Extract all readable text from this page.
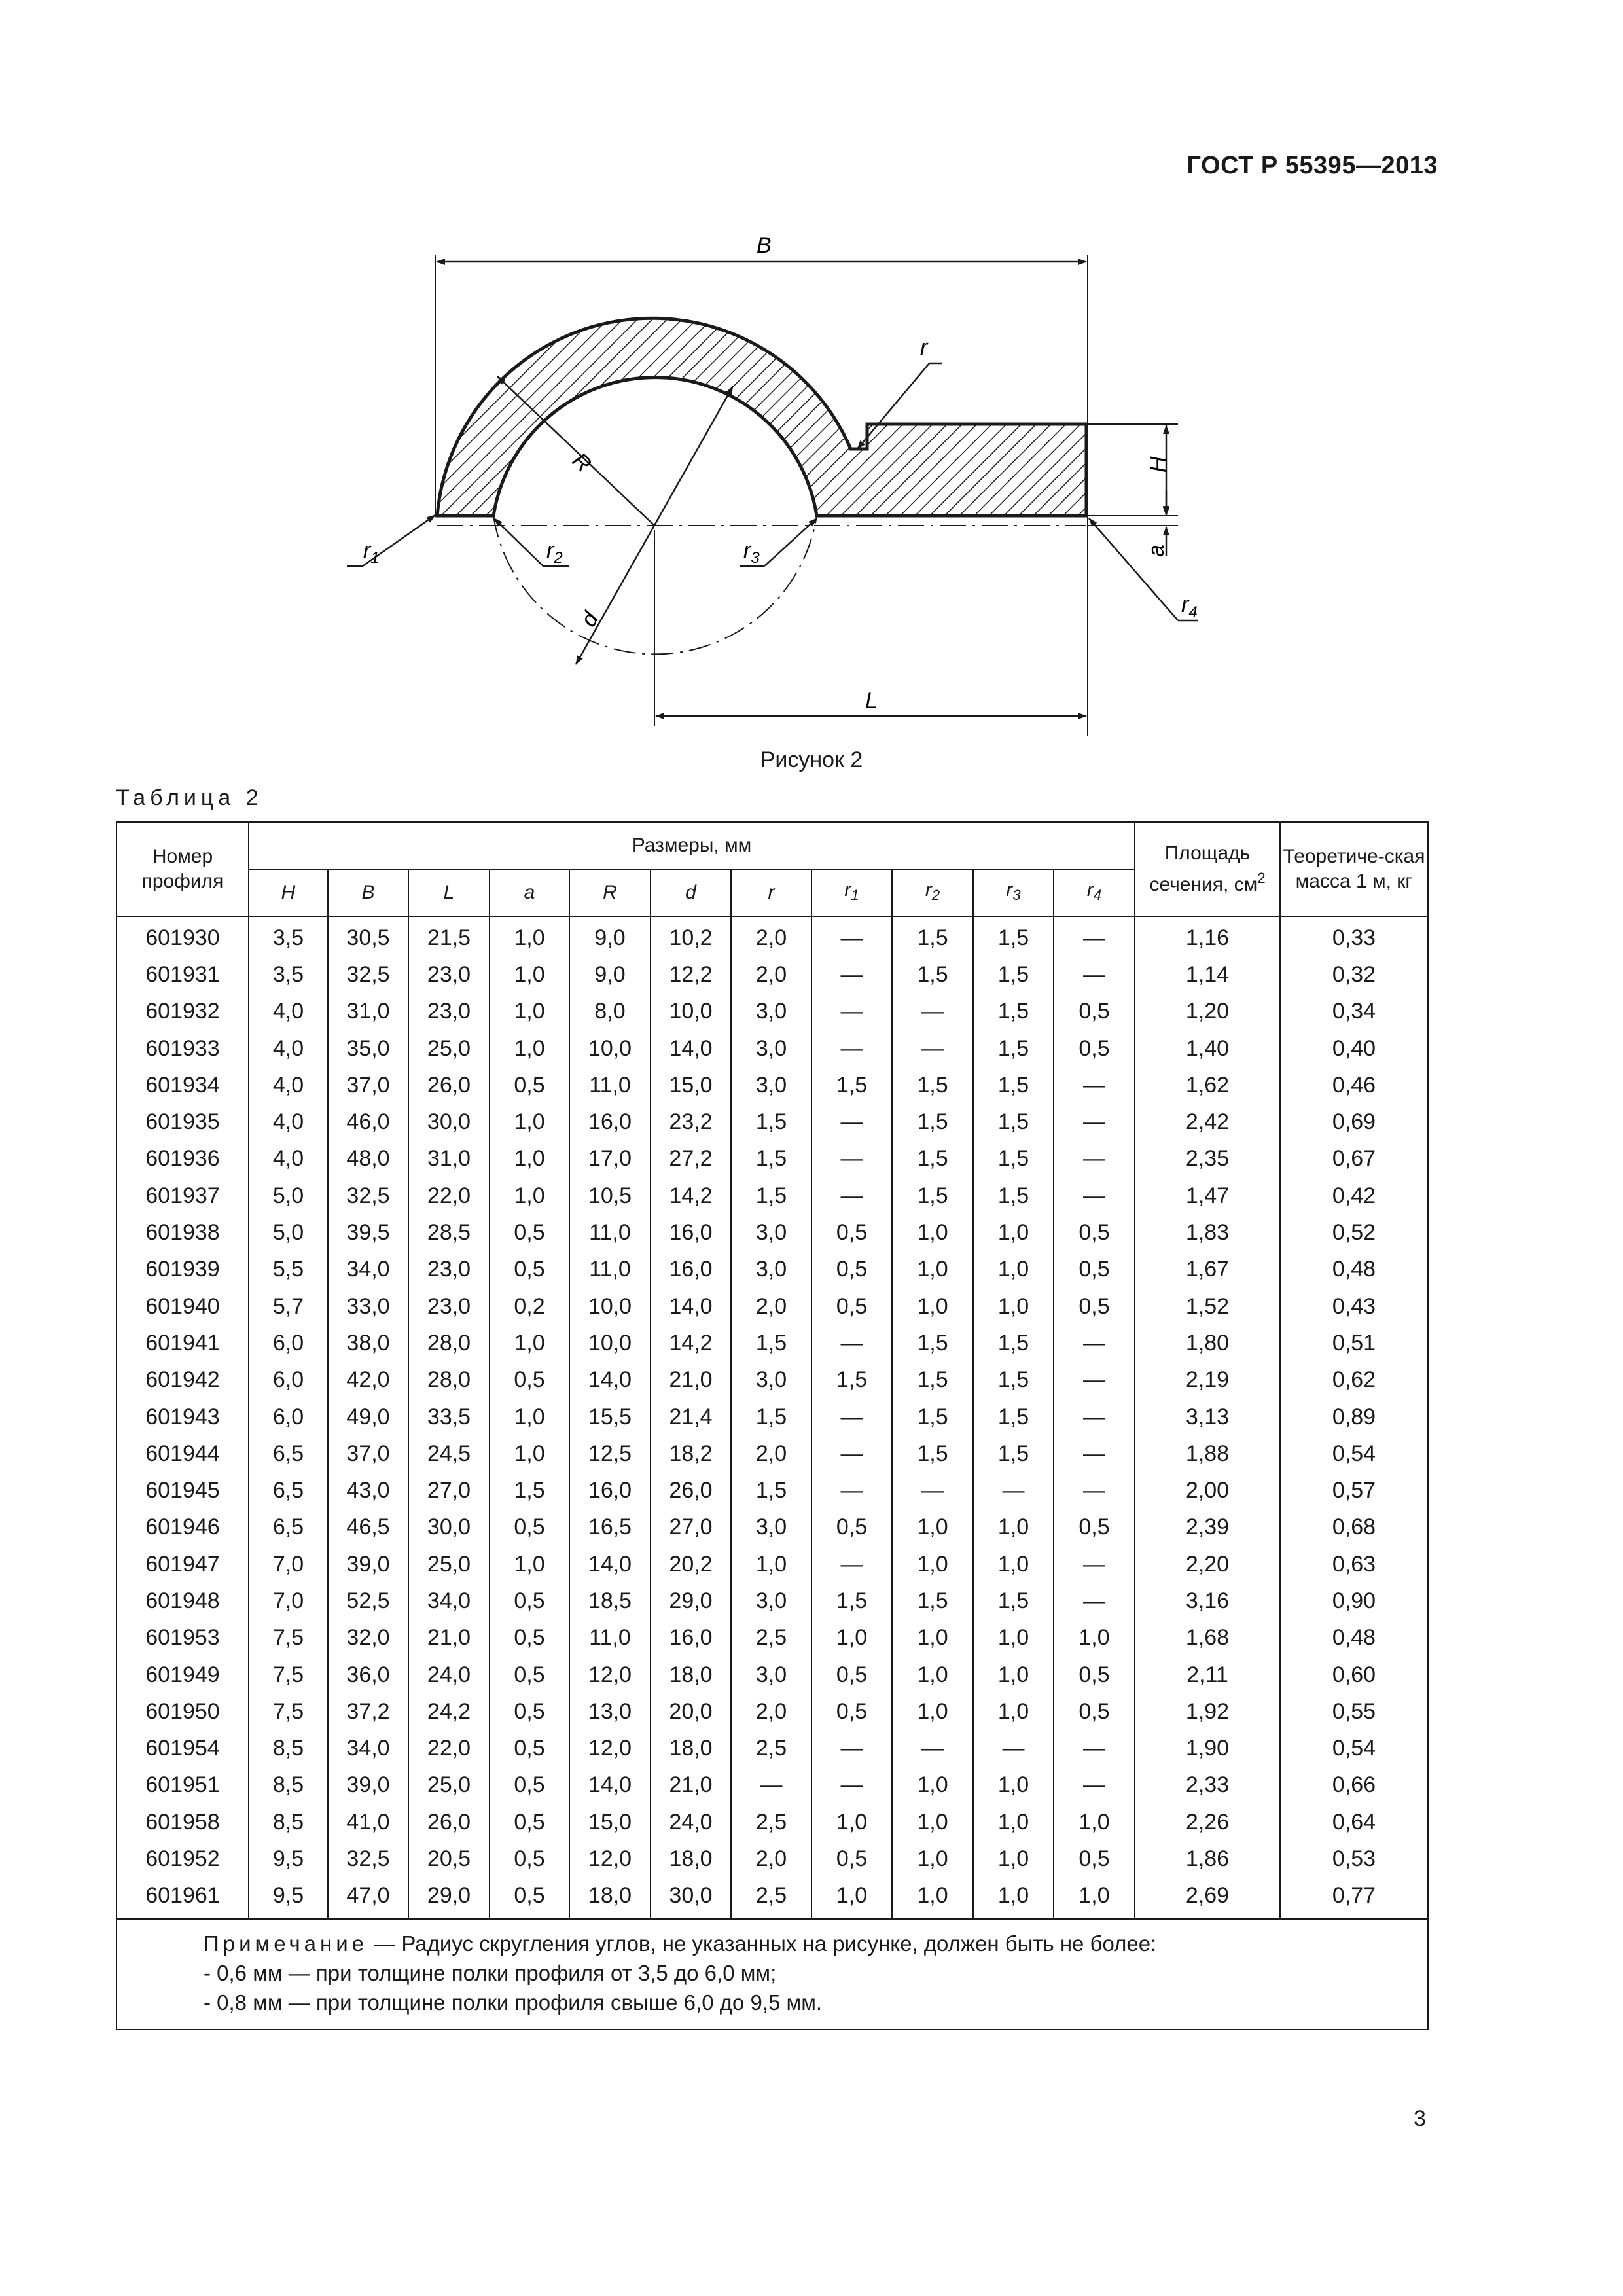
ГОСТ Р 55395—2013
B
R
d
L
H
a
r
$r_1$	$r_2$	$r_3$
$r_4$
Рисунок 2
Таблица 2
Номер профиля	Размеры, мм											Площадь сечения, $см^2$	Теоретиче-ская масса 1 м, кг
	H	B	L	a	R	d	r	$r_1$	$r_2$	$r_3$	$r_4$
601930	3,5	30,5	21,5	1,0	9,0	10,2	2,0	—	1,5	1,5	—	1,16	0,33
601931	3,5	32,5	23,0	1,0	9,0	12,2	2,0	—	1,5	1,5	—	1,14	0,32
601932	4,0	31,0	23,0	1,0	8,0	10,0	3,0	—	—	1,5	0,5	1,20	0,34
601933	4,0	35,0	25,0	1,0	10,0	14,0	3,0	—	—	1,5	0,5	1,40	0,40
601934	4,0	37,0	26,0	0,5	11,0	15,0	3,0	1,5	1,5	1,5	—	1,62	0,46
601935	4,0	46,0	30,0	1,0	16,0	23,2	1,5	—	1,5	1,5	—	2,42	0,69
601936	4,0	48,0	31,0	1,0	17,0	27,2	1,5	—	1,5	1,5	—	2,35	0,67
601937	5,0	32,5	22,0	1,0	10,5	14,2	1,5	—	1,5	1,5	—	1,47	0,42
601938	5,0	39,5	28,5	0,5	11,0	16,0	3,0	0,5	1,0	1,0	0,5	1,83	0,52
601939	5,5	34,0	23,0	0,5	11,0	16,0	3,0	0,5	1,0	1,0	0,5	1,67	0,48
601940	5,7	33,0	23,0	0,2	10,0	14,0	2,0	0,5	1,0	1,0	0,5	1,52	0,43
601941	6,0	38,0	28,0	1,0	10,0	14,2	1,5	—	1,5	1,5	—	1,80	0,51
601942	6,0	42,0	28,0	0,5	14,0	21,0	3,0	1,5	1,5	1,5	—	2,19	0,62
601943	6,0	49,0	33,5	1,0	15,5	21,4	1,5	—	1,5	1,5	—	3,13	0,89
601944	6,5	37,0	24,5	1,0	12,5	18,2	2,0	—	1,5	1,5	—	1,88	0,54
601945	6,5	43,0	27,0	1,5	16,0	26,0	1,5	—	—	—	—	2,00	0,57
601946	6,5	46,5	30,0	0,5	16,5	27,0	3,0	0,5	1,0	1,0	0,5	2,39	0,68
601947	7,0	39,0	25,0	1,0	14,0	20,2	1,0	—	1,0	1,0	—	2,20	0,63
601948	7,0	52,5	34,0	0,5	18,5	29,0	3,0	1,5	1,5	1,5	—	3,16	0,90
601953	7,5	32,0	21,0	0,5	11,0	16,0	2,5	1,0	1,0	1,0	1,0	1,68	0,48
601949	7,5	36,0	24,0	0,5	12,0	18,0	3,0	0,5	1,0	1,0	0,5	2,11	0,60
601950	7,5	37,2	24,2	0,5	13,0	20,0	2,0	0,5	1,0	1,0	0,5	1,92	0,55
601954	8,5	34,0	22,0	0,5	12,0	18,0	2,5	—	—	—	—	1,90	0,54
601951	8,5	39,0	25,0	0,5	14,0	21,0	—	—	1,0	1,0	—	2,33	0,66
601958	8,5	41,0	26,0	0,5	15,0	24,0	2,5	1,0	1,0	1,0	1,0	2,26	0,64
601952	9,5	32,5	20,5	0,5	12,0	18,0	2,0	0,5	1,0	1,0	0,5	1,86	0,53
601961	9,5	47,0	29,0	0,5	18,0	30,0	2,5	1,0	1,0	1,0	1,0	2,69	0,77

Примечание — Радиус скругления углов, не указанных на рисунке, должен быть не более:
- 0,6 мм — при толщине полки профиля от 3,5 до 6,0 мм;
- 0,8 мм — при толщине полки профиля свыше 6,0 до 9,5 мм.													
3
